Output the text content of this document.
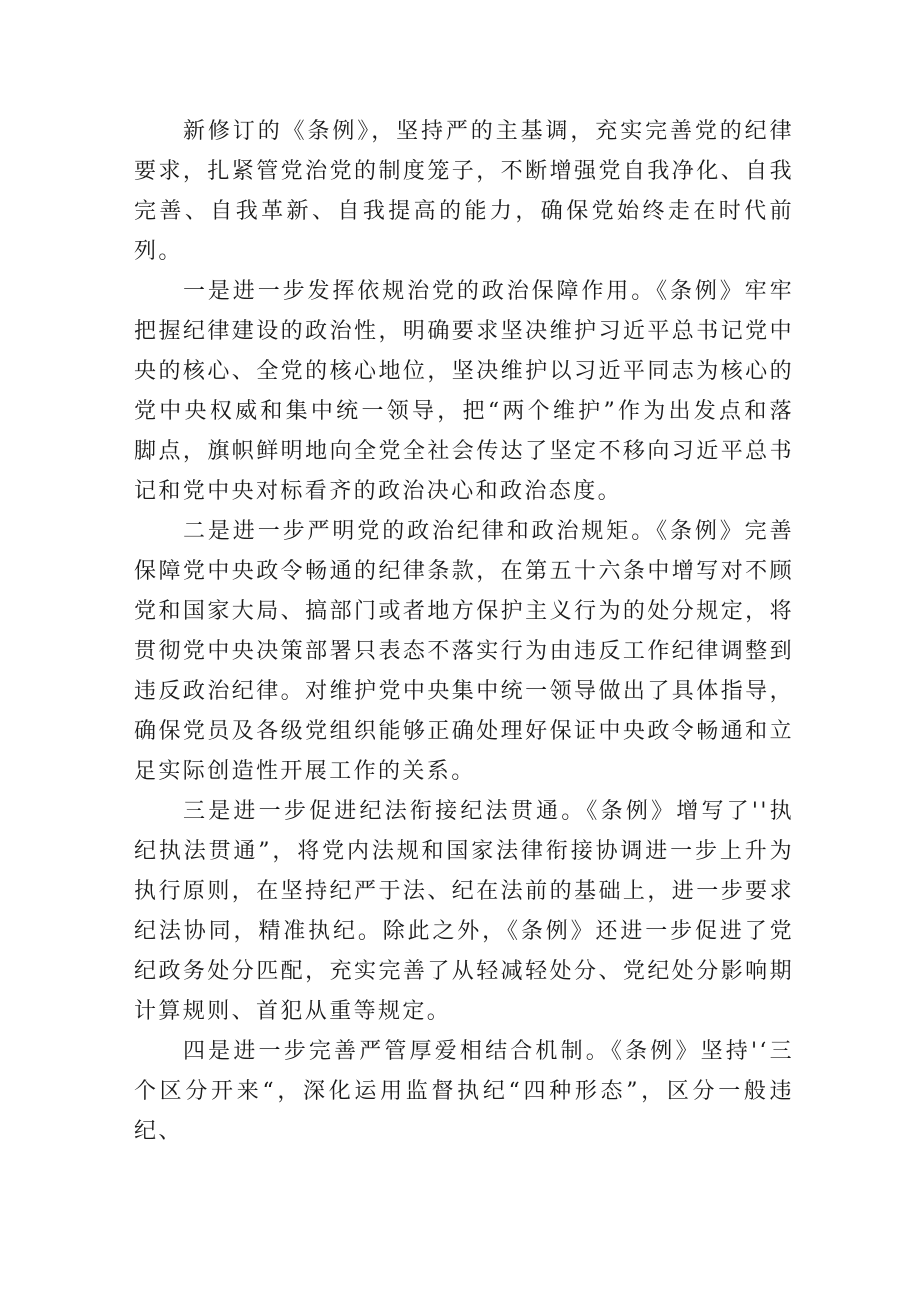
新修订的《条例》，坚持严的主基调，充实完善党的纪律要求，扎紧管党治党的制度笼子，不断增强党自我净化、自我完善、自我革新、自我提高的能力，确保党始终走在时代前列。

一是进一步发挥依规治党的政治保障作用。《条例》牢牢把握纪律建设的政治性，明确要求坚决维护习近平总书记党中央的核心、全党的核心地位，坚决维护以习近平同志为核心的党中央权威和集中统一领导，把“两个维护”作为出发点和落脚点，旗帜鲜明地向全党全社会传达了坚定不移向习近平总书记和党中央对标看齐的政治决心和政治态度。

二是进一步严明党的政治纪律和政治规矩。《条例》完善保障党中央政令畅通的纪律条款，在第五十六条中增写对不顾党和国家大局、搞部门或者地方保护主义行为的处分规定，将贯彻党中央决策部署只表态不落实行为由违反工作纪律调整到违反政治纪律。对维护党中央集中统一领导做出了具体指导，确保党员及各级党组织能够正确处理好保证中央政令畅通和立足实际创造性开展工作的关系。

三是进一步促进纪法衔接纪法贯通。《条例》增写了''执纪执法贯通”，将党内法规和国家法律衔接协调进一步上升为执行原则，在坚持纪严于法、纪在法前的基础上，进一步要求纪法协同，精准执纪。除此之外，《条例》还进一步促进了党纪政务处分匹配，充实完善了从轻减轻处分、党纪处分影响期计算规则、首犯从重等规定。

四是进一步完善严管厚爱相结合机制。《条例》坚持'‘三个区分开来“，深化运用监督执纪“四种形态”，区分一般违纪、
